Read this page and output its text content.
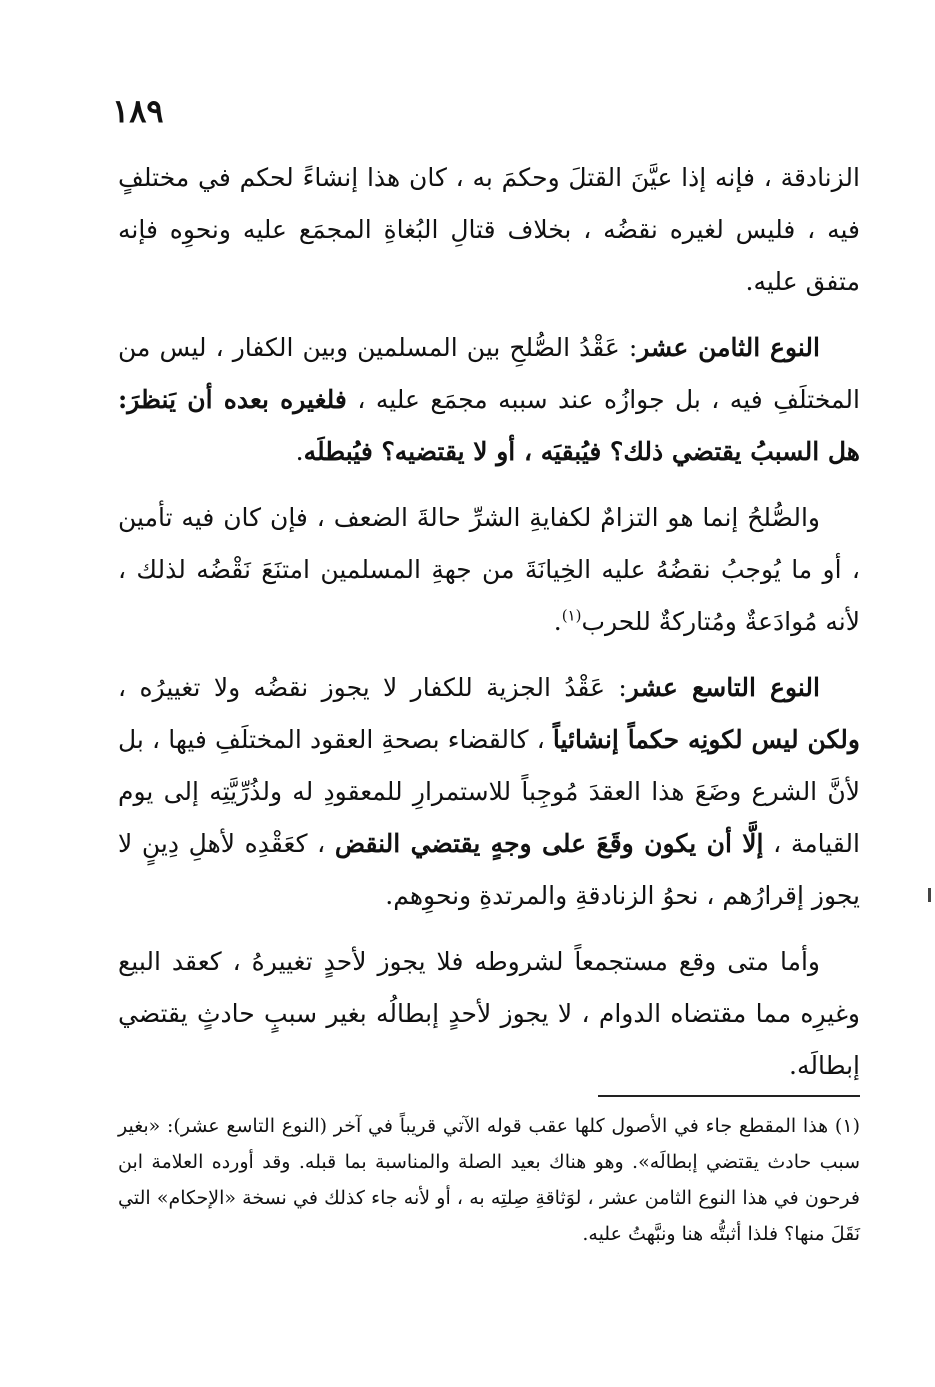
١٨٩

الزنادقة ، فإنه إذا عيَّنَ القتلَ وحكمَ به ، كان هذا إنشاءً لحكم في مختلفٍ فيه ، فليس لغيره نقضُه ، بخلاف قتالِ البُغاةِ المجمَع عليه ونحوِه فإنه متفق عليه.

النوع الثامن عشر: عَقْدُ الصُّلحِ بين المسلمين وبين الكفار ، ليس من المختلَفِ فيه ، بل جوازُه عند سببه مجمَع عليه ، فلغيره بعده أن يَنظرَ: هل السببُ يقتضي ذلك؟ فيُبقيَه ، أو لا يقتضيه؟ فيُبطلَه.

والصُّلحُ إنما هو التزامٌ لكفايةِ الشرِّ حالةَ الضعف ، فإن كان فيه تأمين ، أو ما يُوجبُ نقضُهُ عليه الخِيانَةَ من جهةِ المسلمين امتنَعَ نَقْضُه لذلك ، لأنه مُوادَعةٌ ومُتاركةٌ للحرب$^{(١)}$.

النوع التاسع عشر: عَقْدُ الجزية للكفار لا يجوز نقضُه ولا تغييرُه ، ولكن ليس لكونِه حكماً إنشائياً ، كالقضاء بصحةِ العقود المختلَفِ فيها ، بل لأنَّ الشرع وضَعَ هذا العقدَ مُوجِباً للاستمرارِ للمعقودِ له ولذُرِّيَّتِه إلى يوم القيامة ، إلَّا أن يكون وقَعَ على وجهٍ يقتضي النقض ، كعَقْدِه لأهلِ دِينٍ لا يجوز إقرارُهم ، نحوُ الزنادقةِ والمرتدةِ ونحوِهم.

وأما متى وقع مستجمعاً لشروطه فلا يجوز لأحدٍ تغييرهُ ، كعقد البيع وغيرِه مما مقتضاه الدوام ، لا يجوز لأحدٍ إبطالُه بغير سببٍ حادثٍ يقتضي إبطالَه.

(١) هذا المقطع جاء في الأصول كلها عقب قوله الآتي قريباً في آخر (النوع التاسع عشر): «بغير سبب حادث يقتضي إبطالَه». وهو هناك بعيد الصلة والمناسبة بما قبله. وقد أورده العلامة ابن فرحون في هذا النوع الثامن عشر ، لوَثاقةِ صِلتِه به ، أو لأنه جاء كذلك في نسخة «الإحكام» التي نَقَلَ منها؟ فلذا أثبتُّه هنا ونبَّهتُ عليه.
